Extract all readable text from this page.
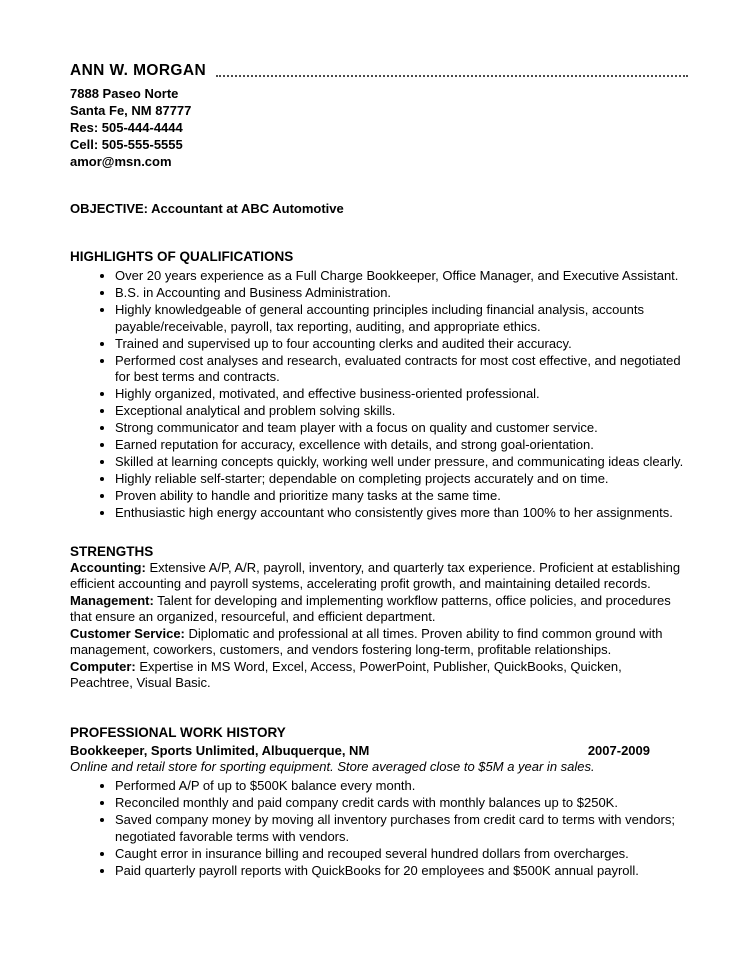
ANN W. MORGAN
7888 Paseo Norte
Santa Fe, NM 87777
Res: 505-444-4444
Cell: 505-555-5555
amor@msn.com

OBJECTIVE: Accountant at ABC Automotive

HIGHLIGHTS OF QUALIFICATIONS
• Over 20 years experience as a Full Charge Bookkeeper, Office Manager, and Executive Assistant.
• B.S. in Accounting and Business Administration.
• Highly knowledgeable of general accounting principles including financial analysis, accounts payable/receivable, payroll, tax reporting, auditing, and appropriate ethics.
• Trained and supervised up to four accounting clerks and audited their accuracy.
• Performed cost analyses and research, evaluated contracts for most cost effective, and negotiated for best terms and contracts.
• Highly organized, motivated, and effective business-oriented professional.
• Exceptional analytical and problem solving skills.
• Strong communicator and team player with a focus on quality and customer service.
• Earned reputation for accuracy, excellence with details, and strong goal-orientation.
• Skilled at learning concepts quickly, working well under pressure, and communicating ideas clearly.
• Highly reliable self-starter; dependable on completing projects accurately and on time.
• Proven ability to handle and prioritize many tasks at the same time.
• Enthusiastic high energy accountant who consistently gives more than 100% to her assignments.
STRENGTHS

Accounting: Extensive A/P, A/R, payroll, inventory, and quarterly tax experience. Proficient at establishing efficient accounting and payroll systems, accelerating profit growth, and maintaining detailed records.

Management: Talent for developing and implementing workflow patterns, office policies, and procedures that ensure an organized, resourceful, and efficient department.

Customer Service: Diplomatic and professional at all times. Proven ability to find common ground with management, coworkers, customers, and vendors fostering long-term, profitable relationships.

Computer: Expertise in MS Word, Excel, Access, PowerPoint, Publisher, QuickBooks, Quicken, Peachtree, Visual Basic.

PROFESSIONAL WORK HISTORY
Bookkeeper, Sports Unlimited, Albuquerque, NM	2007-2009

Online and retail store for sporting equipment. Store averaged close to $5M a year in sales.

• Performed A/P of up to $500K balance every month.
• Reconciled monthly and paid company credit cards with monthly balances up to $250K.
• Saved company money by moving all inventory purchases from credit card to terms with vendors; negotiated favorable terms with vendors.
• Caught error in insurance billing and recouped several hundred dollars from overcharges.
• Paid quarterly payroll reports with QuickBooks for 20 employees and $500K annual payroll.
